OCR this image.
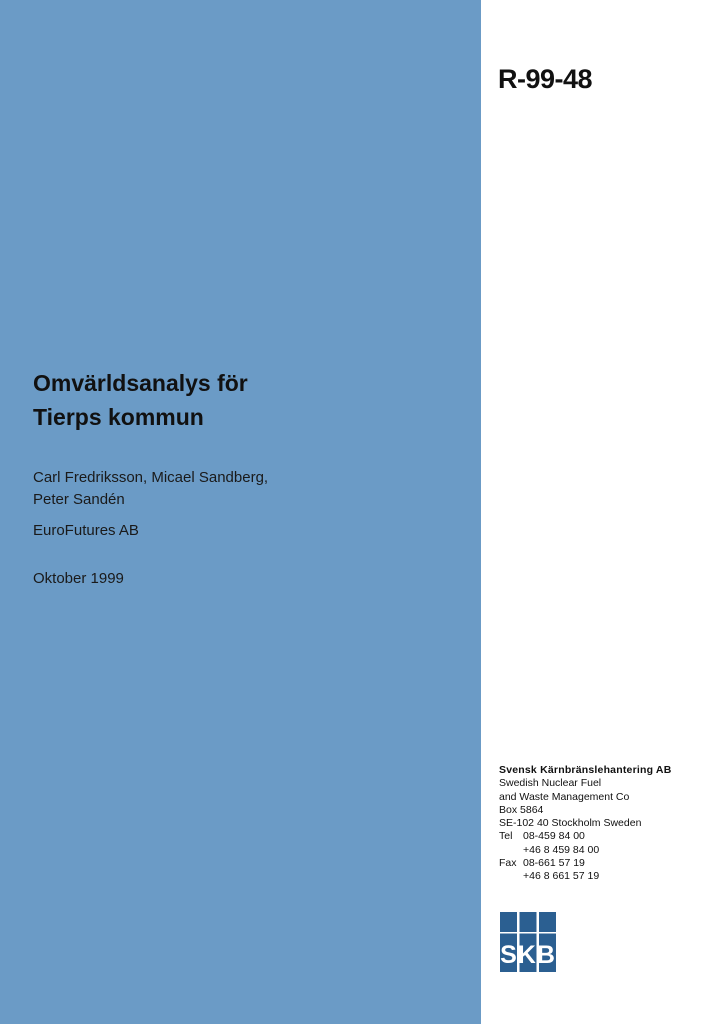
R-99-48
Omvärldsanalys för
Tierps kommun
Carl Fredriksson, Micael Sandberg,
Peter Sandén
EuroFutures AB
Oktober 1999
Svensk Kärnbränslehantering AB
Swedish Nuclear Fuel
and Waste Management Co
Box 5864
SE-102 40 Stockholm Sweden
Tel 08-459 84 00
+46 8 459 84 00
Fax 08-661 57 19
+46 8 661 57 19
SKB
